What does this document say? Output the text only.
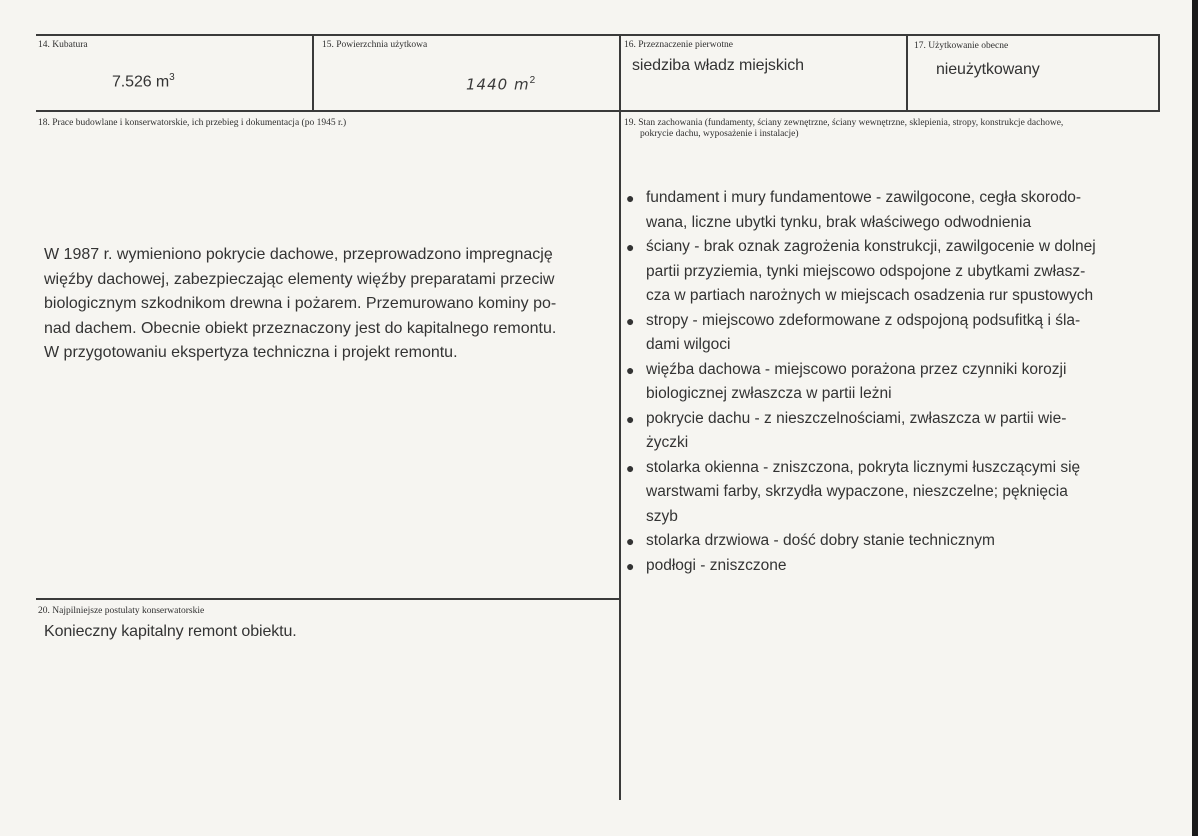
14. Kubatura
7.526 $m^3$
15. Powierzchnia użytkowa
1440 $m^2$
16. Przeznaczenie pierwotne
siedziba władz miejskich
17. Użytkowanie obecne
nieużytkowany
18. Prace budowlane i konserwatorskie, ich przebieg i dokumentacja (po 1945 r.)
W 1987 r. wymieniono pokrycie dachowe, przeprowadzono impregnację
więźby dachowej, zabezpieczając elementy więźby preparatami przeciw
biologicznym szkodnikom drewna i pożarem. Przemurowano kominy po-
nad dachem. Obecnie obiekt przeznaczony jest do kapitalnego remontu.
W przygotowaniu ekspertyza techniczna i projekt remontu.
19. Stan zachowania (fundamenty, ściany zewnętrzne, ściany wewnętrzne, sklepienia, stropy, konstrukcje dachowe,
pokrycie dachu, wyposażenie i instalacje)
● fundament i mury fundamentowe - zawilgocone, cegła skorodo-
wana, liczne ubytki tynku, brak właściwego odwodnienia
● ściany - brak oznak zagrożenia konstrukcji, zawilgocenie w dolnej
partii przyziemia, tynki miejscowo odspojone z ubytkami zwłasz-
cza w partiach narożnych w miejscach osadzenia rur spustowych
● stropy - miejscowo zdeformowane z odspojoną podsufitką i śla-
dami wilgoci
● więźba dachowa - miejscowo porażona przez czynniki korozji
biologicznej zwłaszcza w partii leżni
● pokrycie dachu - z nieszczelnościami, zwłaszcza w partii wie-
życzki
● stolarka okienna - zniszczona, pokryta licznymi łuszczącymi się
warstwami farby, skrzydła wypaczone, nieszczelne; pęknięcia
szyb
● stolarka drzwiowa - dość dobry stanie technicznym
● podłogi - zniszczone
20. Najpilniejsze postulaty konserwatorskie
Konieczny kapitalny remont obiektu.
